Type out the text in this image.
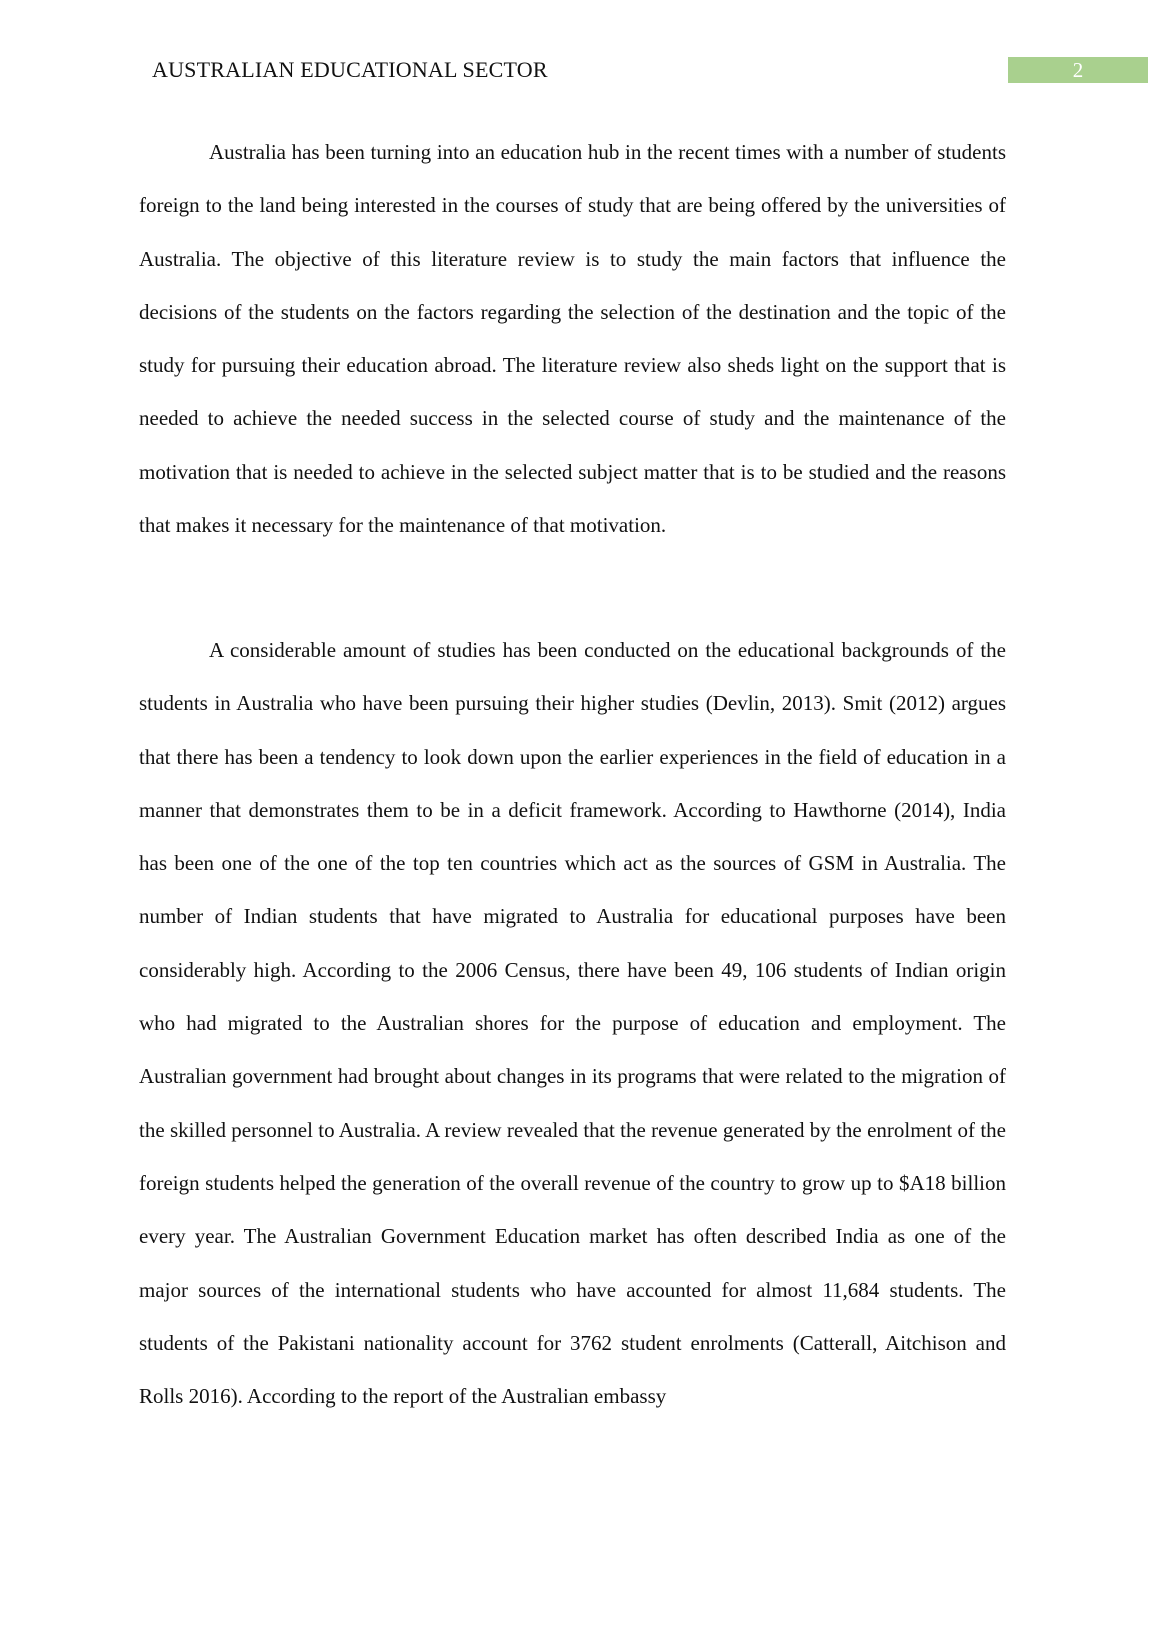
AUSTRALIAN EDUCATIONAL SECTOR	2

Australia has been turning into an education hub in the recent times with a number of students foreign to the land being interested in the courses of study that are being offered by the universities of Australia. The objective of this literature review is to study the main factors that influence the decisions of the students on the factors regarding the selection of the destination and the topic of the study for pursuing their education abroad. The literature review also sheds light on the support that is needed to achieve the needed success in the selected course of study and the maintenance of the motivation that is needed to achieve in the selected subject matter that is to be studied and the reasons that makes it necessary for the maintenance of that motivation.

A considerable amount of studies has been conducted on the educational backgrounds of the students in Australia who have been pursuing their higher studies (Devlin, 2013). Smit (2012) argues that there has been a tendency to look down upon the earlier experiences in the field of education in a manner that demonstrates them to be in a deficit framework. According to Hawthorne (2014), India has been one of the one of the top ten countries which act as the sources of GSM in Australia. The number of Indian students that have migrated to Australia for educational purposes have been considerably high. According to the 2006 Census, there have been 49, 106 students of Indian origin who had migrated to the Australian shores for the purpose of education and employment. The Australian government had brought about changes in its programs that were related to the migration of the skilled personnel to Australia. A review revealed that the revenue generated by the enrolment of the foreign students helped the generation of the overall revenue of the country to grow up to $A18 billion every year. The Australian Government Education market has often described India as one of the major sources of the international students who have accounted for almost 11,684 students. The students of the Pakistani nationality account for 3762 student enrolments (Catterall, Aitchison and Rolls 2016). According to the report of the Australian embassy
